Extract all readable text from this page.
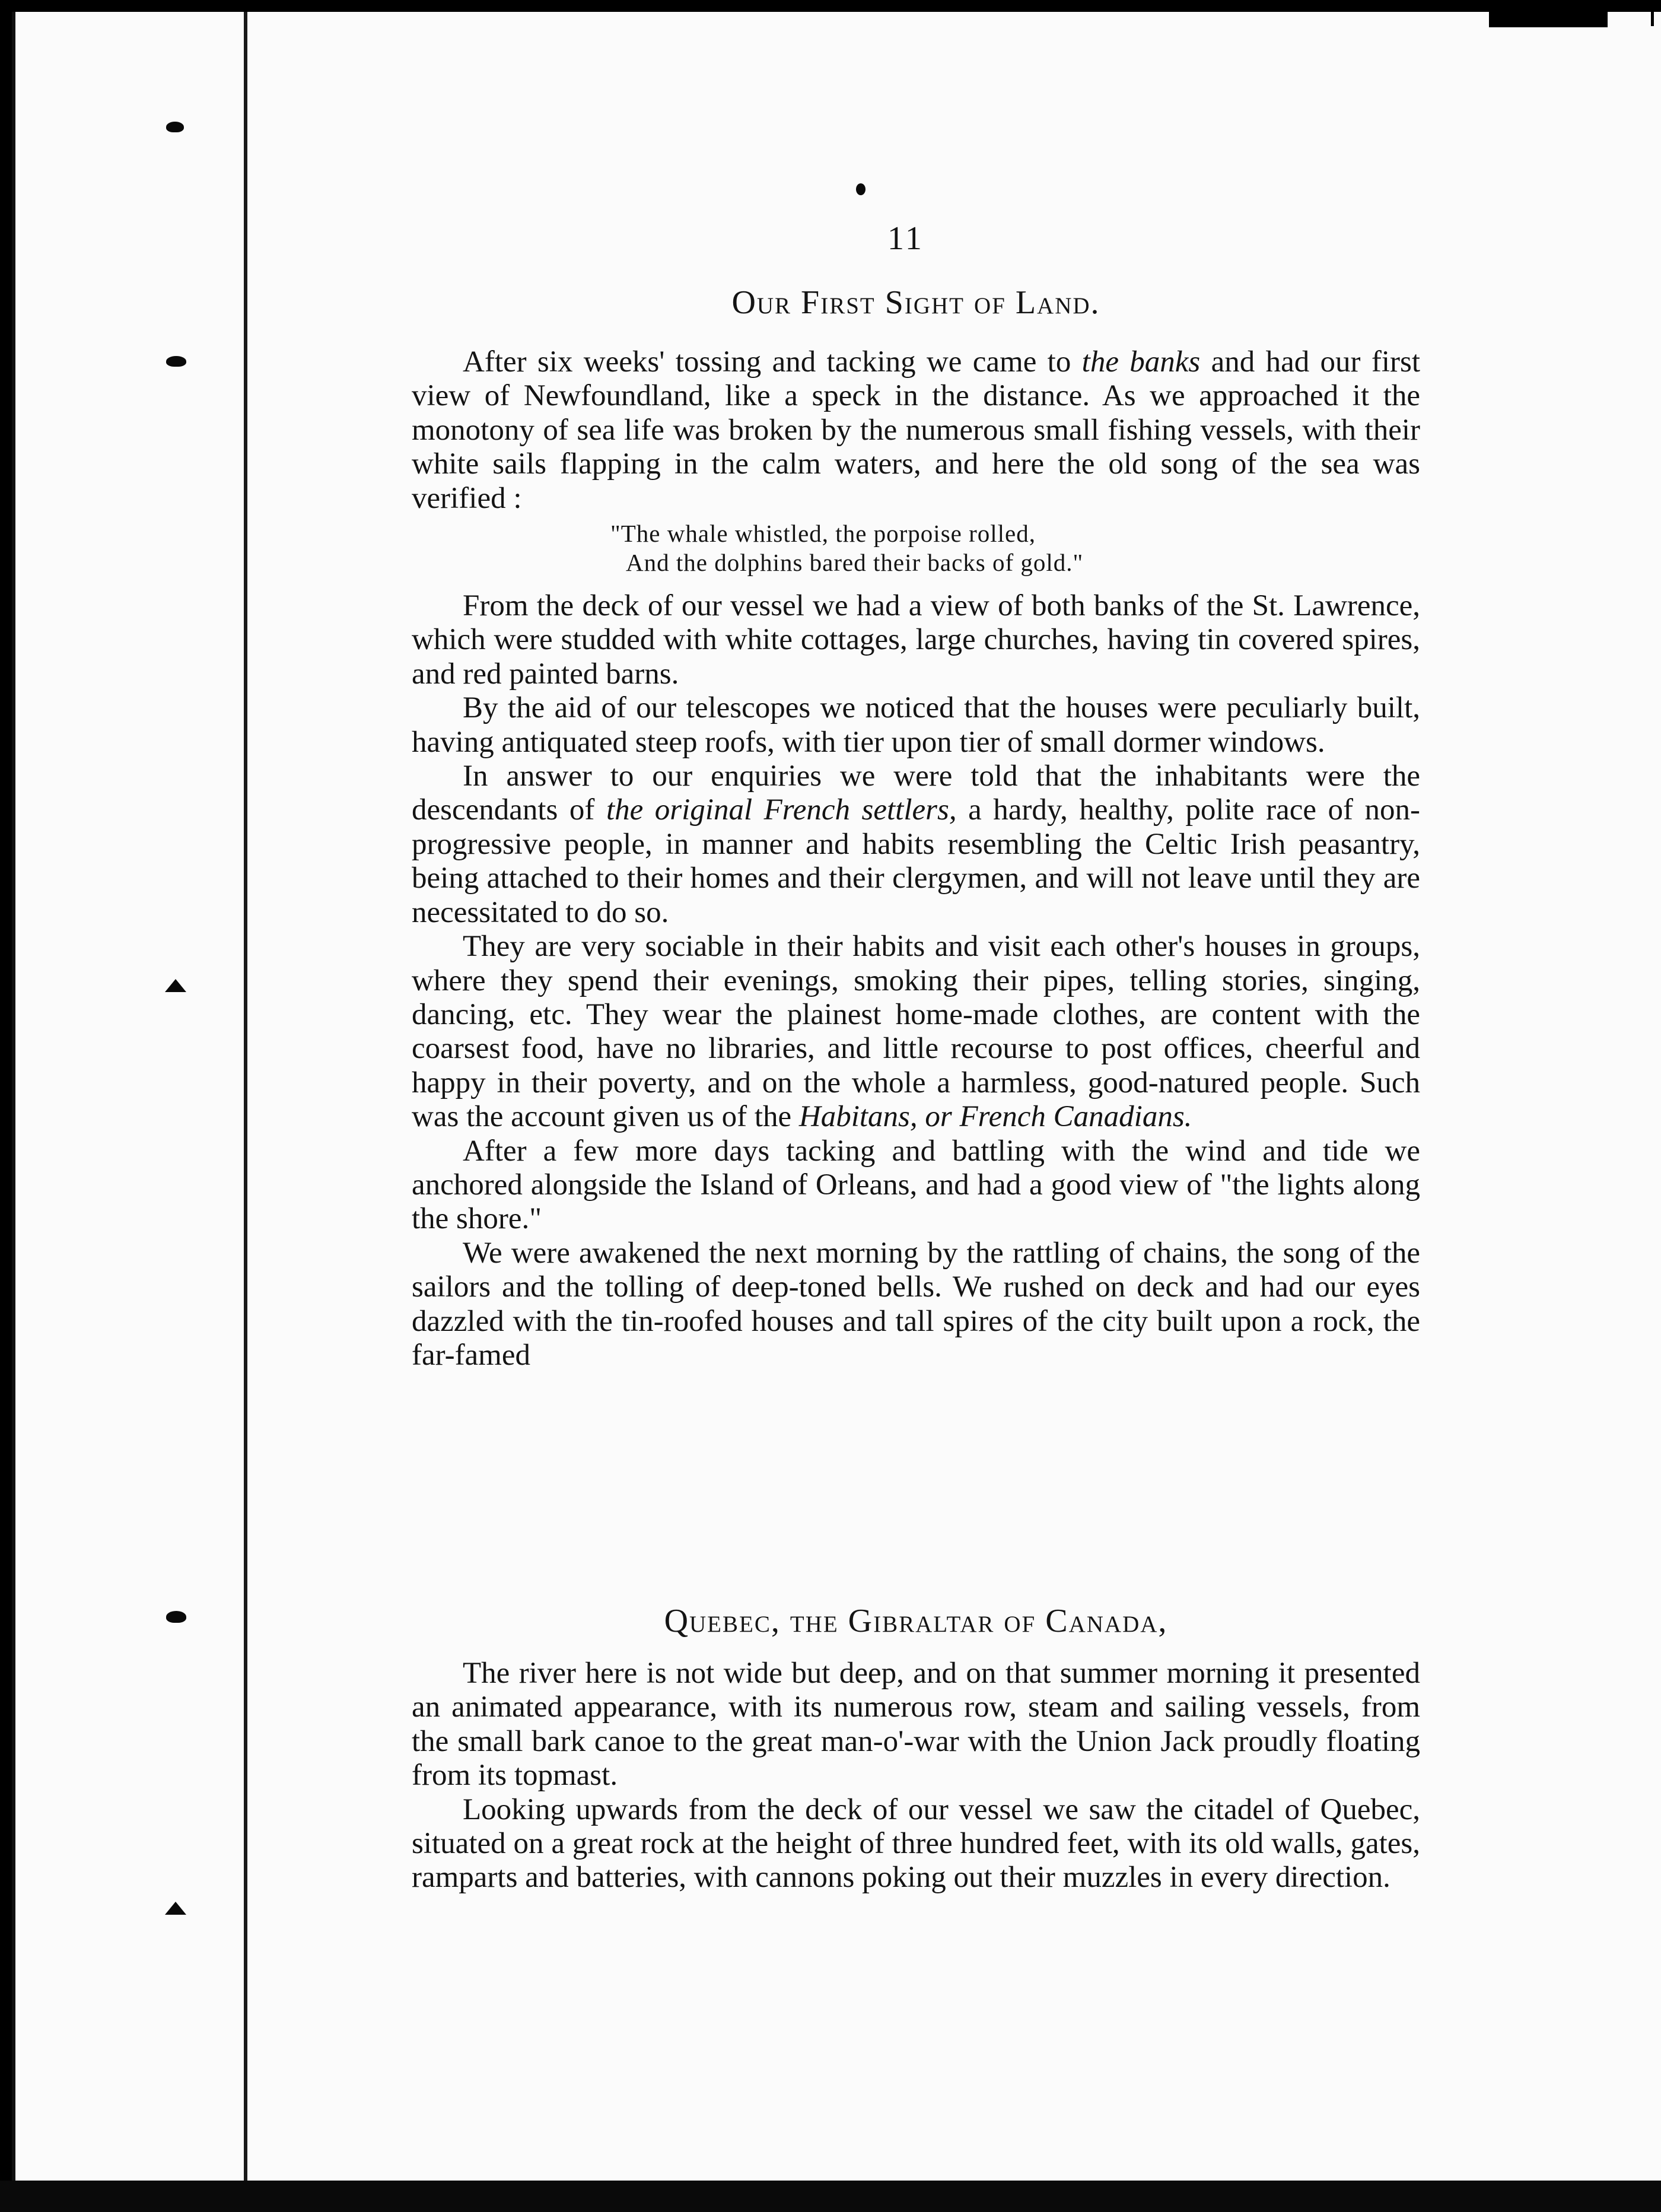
11
Our First Sight of Land.

After six weeks' tossing and tacking we came to the banks and had our first view of Newfoundland, like a speck in the distance. As we approached it the monotony of sea life was broken by the numerous small fishing vessels, with their white sails flapping in the calm waters, and here the old song of the sea was verified :

"The whale whistled, the porpoise rolled,
And the dolphins bared their backs of gold."

From the deck of our vessel we had a view of both banks of the St. Lawrence, which were studded with white cottages, large churches, having tin covered spires, and red painted barns.

By the aid of our telescopes we noticed that the houses were peculiarly built, having antiquated steep roofs, with tier upon tier of small dormer windows.

In answer to our enquiries we were told that the inhabitants were the descendants of the original French settlers, a hardy, healthy, polite race of non-progressive people, in manner and habits resembling the Celtic Irish peasantry, being attached to their homes and their clergymen, and will not leave until they are necessitated to do so.

They are very sociable in their habits and visit each other's houses in groups, where they spend their evenings, smoking their pipes, telling stories, singing, dancing, etc. They wear the plainest home-made clothes, are content with the coarsest food, have no libraries, and little recourse to post offices, cheerful and happy in their poverty, and on the whole a harmless, good-natured people. Such was the account given us of the Habitans, or French Canadians.

After a few more days tacking and battling with the wind and tide we anchored alongside the Island of Orleans, and had a good view of "the lights along the shore."

We were awakened the next morning by the rattling of chains, the song of the sailors and the tolling of deep-toned bells. We rushed on deck and had our eyes dazzled with the tin-roofed houses and tall spires of the city built upon a rock, the far-famed

Quebec, the Gibraltar of Canada,

The river here is not wide but deep, and on that summer morning it presented an animated appearance, with its numerous row, steam and sailing vessels, from the small bark canoe to the great man-o'-war with the Union Jack proudly floating from its topmast.

Looking upwards from the deck of our vessel we saw the citadel of Quebec, situated on a great rock at the height of three hundred feet, with its old walls, gates, ramparts and batteries, with cannons poking out their muzzles in every direction.
